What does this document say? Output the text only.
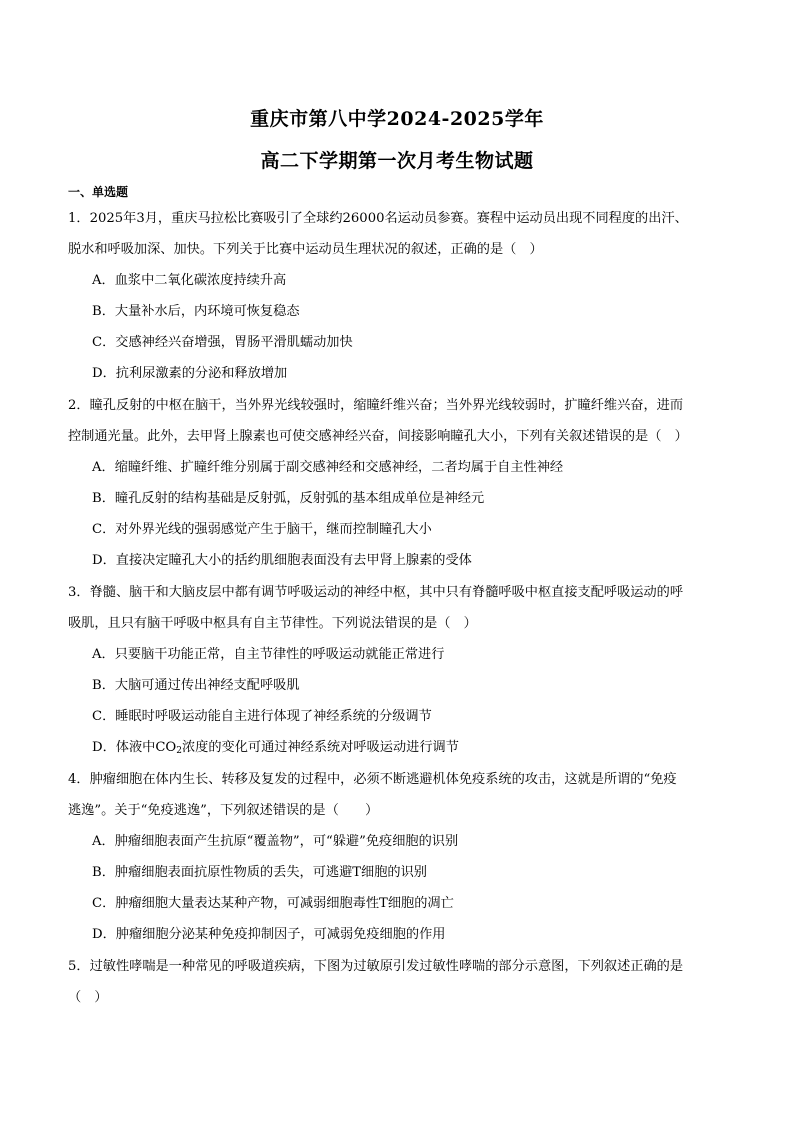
重庆市第八中学2024-2025学年
高二下学期第一次月考生物试题
一、单选题
1．2025年3月，重庆马拉松比赛吸引了全球约26000名运动员参赛。赛程中运动员出现不同程度的出汗、
脱水和呼吸加深、加快。下列关于比赛中运动员生理状况的叙述，正确的是（　）
A．血浆中二氧化碳浓度持续升高
B．大量补水后，内环境可恢复稳态
C．交感神经兴奋增强，胃肠平滑肌蠕动加快
D．抗利尿激素的分泌和释放增加
2．瞳孔反射的中枢在脑干，当外界光线较强时，缩瞳纤维兴奋；当外界光线较弱时，扩瞳纤维兴奋，进而
控制通光量。此外，去甲肾上腺素也可使交感神经兴奋，间接影响瞳孔大小，下列有关叙述错误的是（　）
A．缩瞳纤维、扩瞳纤维分别属于副交感神经和交感神经，二者均属于自主性神经
B．瞳孔反射的结构基础是反射弧，反射弧的基本组成单位是神经元
C．对外界光线的强弱感觉产生于脑干，继而控制瞳孔大小
D．直接决定瞳孔大小的括约肌细胞表面没有去甲肾上腺素的受体
3．脊髓、脑干和大脑皮层中都有调节呼吸运动的神经中枢，其中只有脊髓呼吸中枢直接支配呼吸运动的呼
吸肌，且只有脑干呼吸中枢具有自主节律性。下列说法错误的是（　）
A．只要脑干功能正常，自主节律性的呼吸运动就能正常进行
B．大脑可通过传出神经支配呼吸肌
C．睡眠时呼吸运动能自主进行体现了神经系统的分级调节
D．体液中$CO_2$浓度的变化可通过神经系统对呼吸运动进行调节
4．肿瘤细胞在体内生长、转移及复发的过程中，必须不断逃避机体免疫系统的攻击，这就是所谓的“免疫
逃逸”。关于“免疫逃逸”，下列叙述错误的是（　　）
A．肿瘤细胞表面产生抗原“覆盖物”，可“躲避”免疫细胞的识别
B．肿瘤细胞表面抗原性物质的丢失，可逃避T细胞的识别
C．肿瘤细胞大量表达某种产物，可减弱细胞毒性T细胞的凋亡
D．肿瘤细胞分泌某种免疫抑制因子，可减弱免疫细胞的作用
5．过敏性哮喘是一种常见的呼吸道疾病，下图为过敏原引发过敏性哮喘的部分示意图，下列叙述正确的是
（　）
